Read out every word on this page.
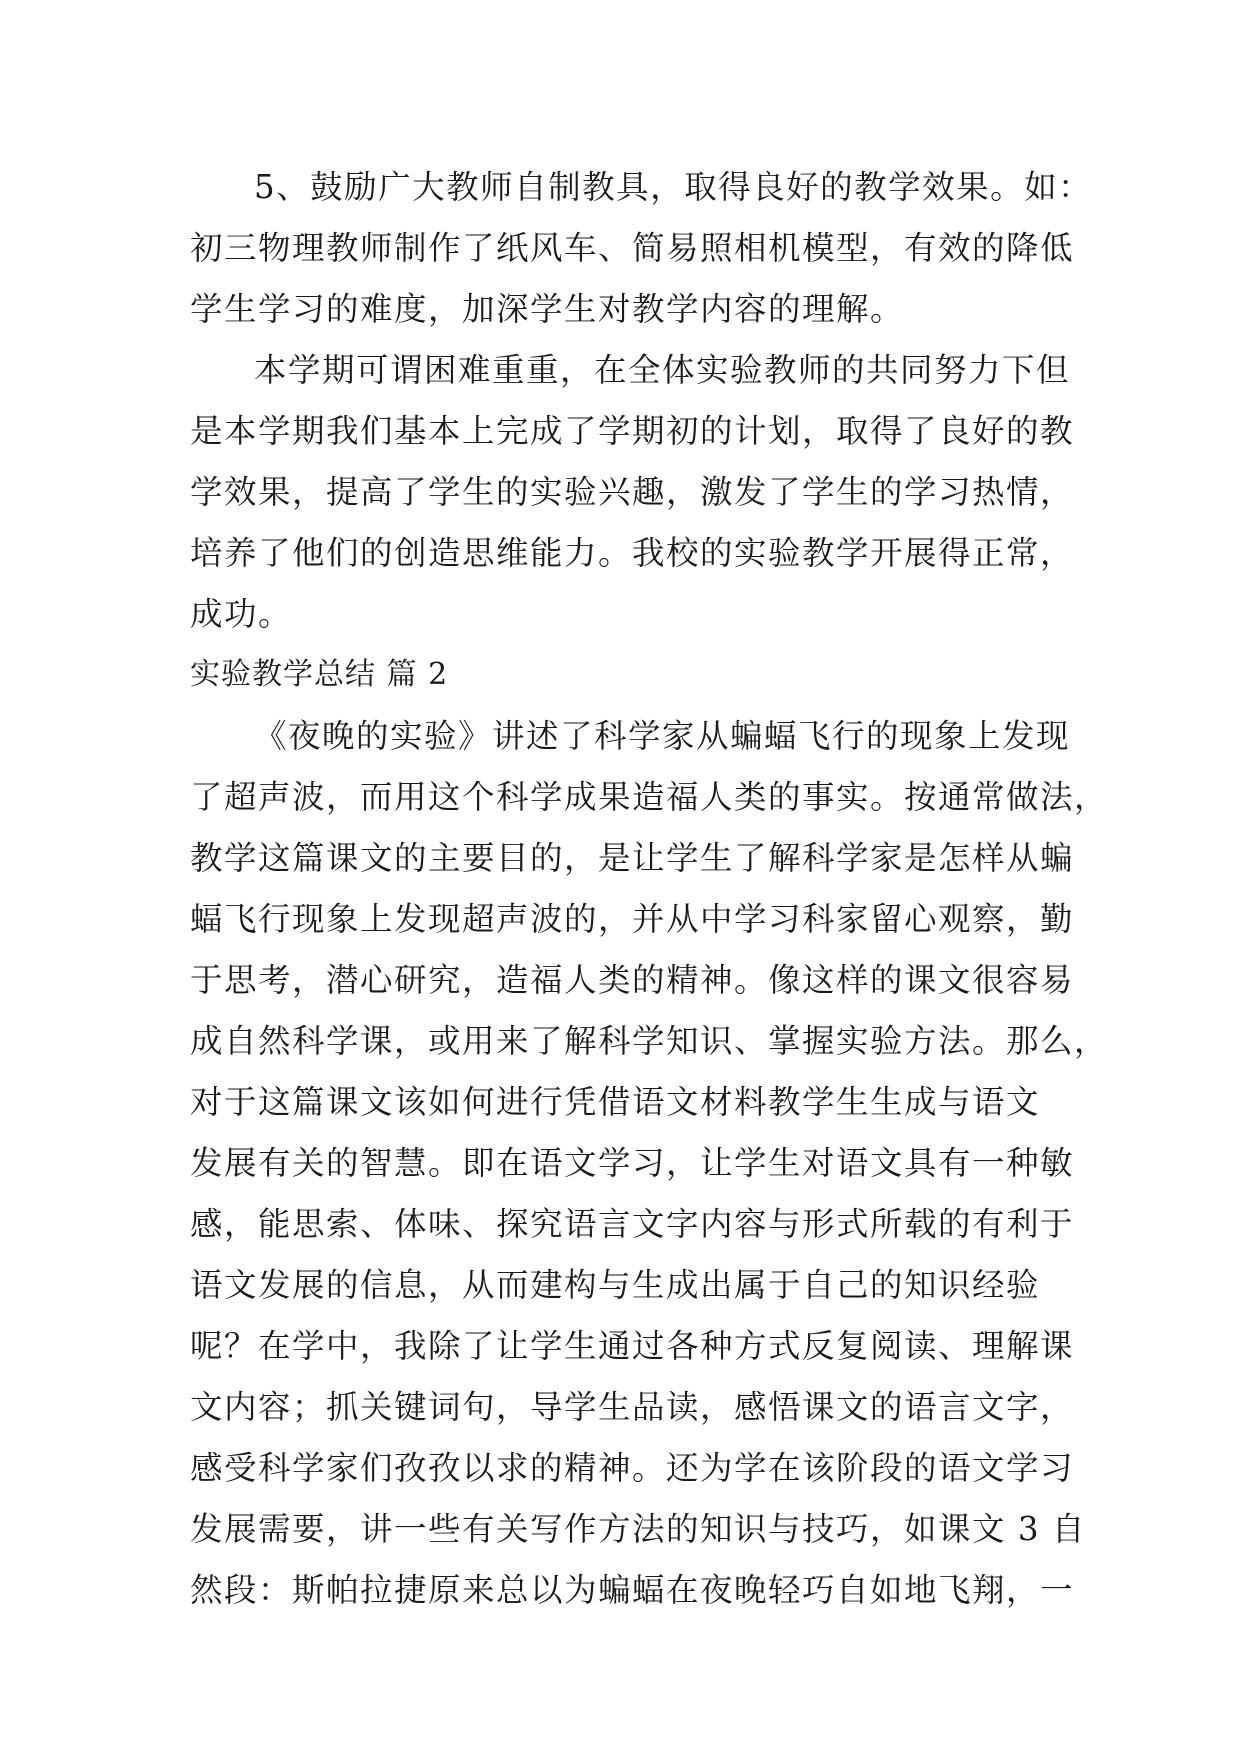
5、鼓励广大教师自制教具，取得良好的教学效果。如：
初三物理教师制作了纸风车、简易照相机模型，有效的降低
学生学习的难度，加深学生对教学内容的理解。
本学期可谓困难重重，在全体实验教师的共同努力下但
是本学期我们基本上完成了学期初的计划，取得了良好的教
学效果，提高了学生的实验兴趣，激发了学生的学习热情，
培养了他们的创造思维能力。我校的实验教学开展得正常，
成功。
实验教学总结 篇 2
《夜晚的实验》讲述了科学家从蝙蝠飞行的现象上发现
了超声波，而用这个科学成果造福人类的事实。按通常做法，
教学这篇课文的主要目的，是让学生了解科学家是怎样从蝙
蝠飞行现象上发现超声波的，并从中学习科家留心观察，勤
于思考，潜心研究，造福人类的精神。像这样的课文很容易
成自然科学课，或用来了解科学知识、掌握实验方法。那么，
对于这篇课文该如何进行凭借语文材料教学生生成与语文
发展有关的智慧。即在语文学习，让学生对语文具有一种敏
感，能思索、体味、探究语言文字内容与形式所载的有利于
语文发展的信息，从而建构与生成出属于自己的知识经验
呢？在学中，我除了让学生通过各种方式反复阅读、理解课
文内容；抓关键词句，导学生品读，感悟课文的语言文字，
感受科学家们孜孜以求的精神。还为学在该阶段的语文学习
发展需要，讲一些有关写作方法的知识与技巧，如课文 3 自
然段：斯帕拉捷原来总以为蝙蝠在夜晚轻巧自如地飞翔，一
